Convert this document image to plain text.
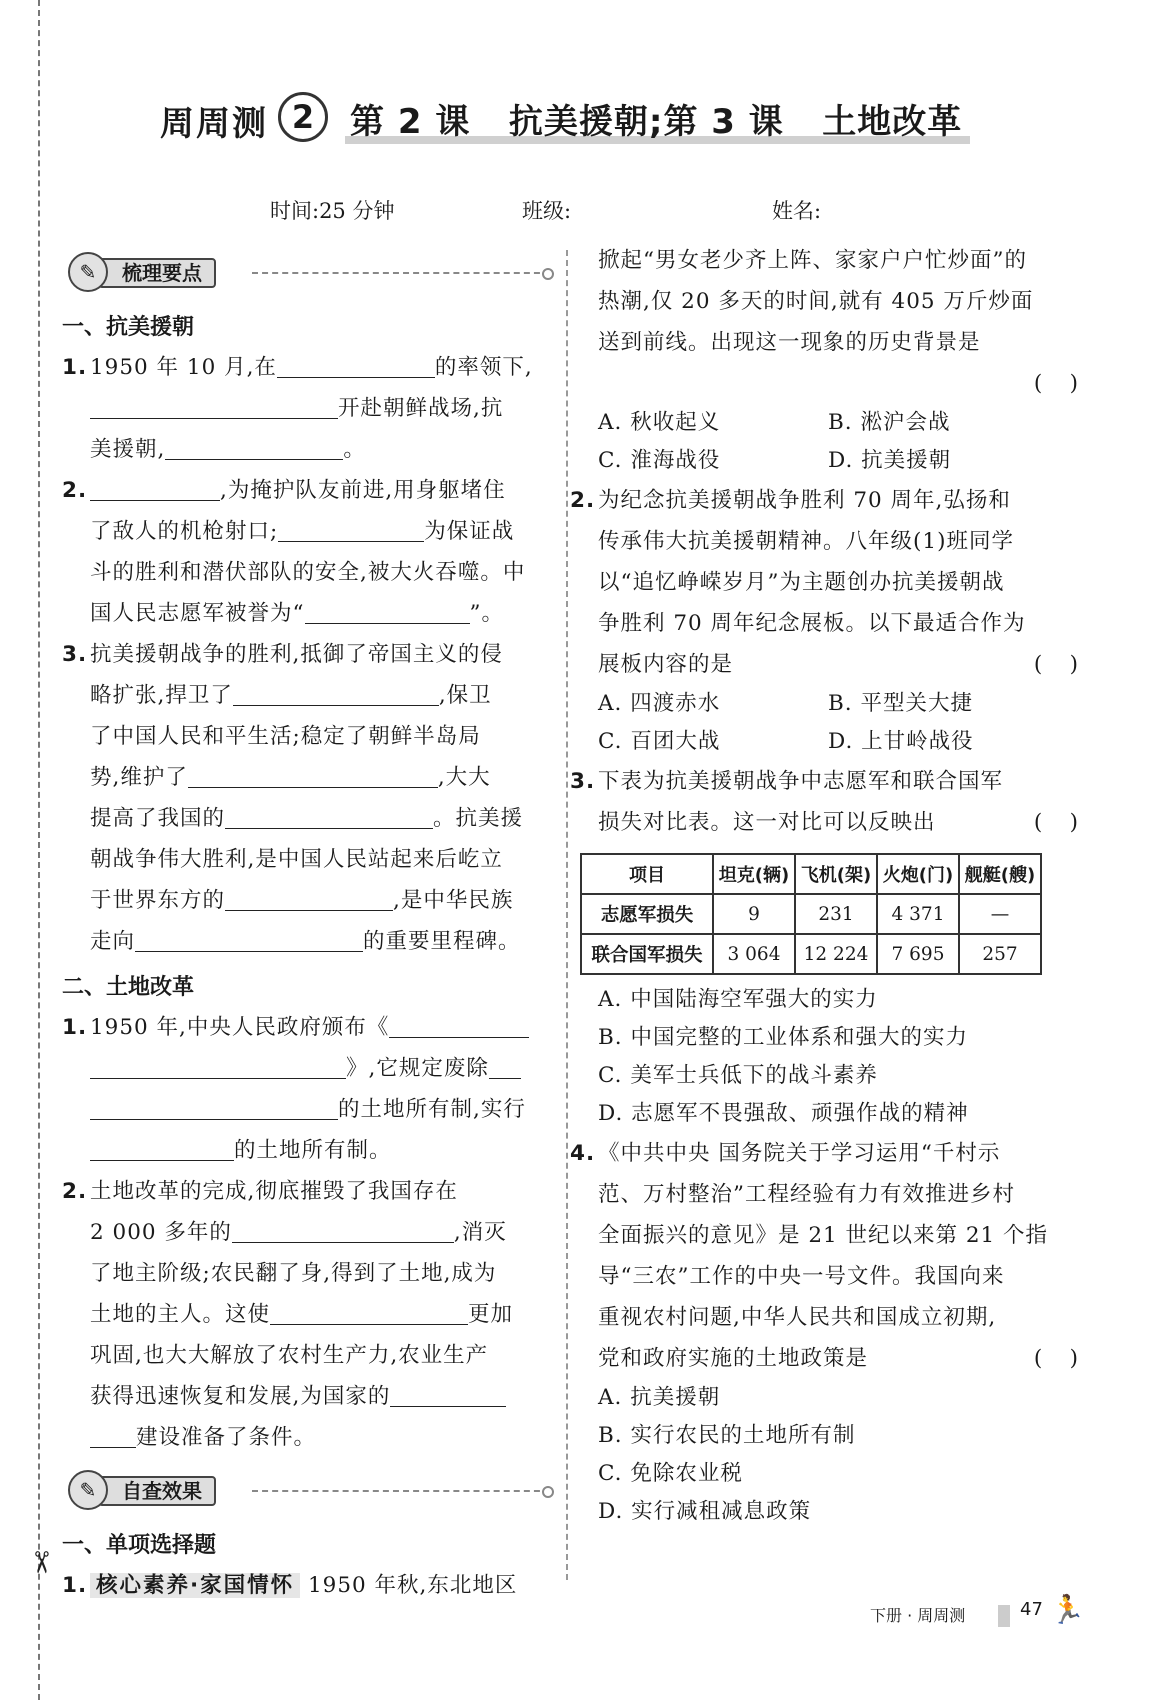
✂
周周测 2	第 2 课   抗美援朝;第 3 课   土地改革
时间:25 分钟	班级:	姓名:
梳理要点
✎
一、抗美援朝
1. 1950 年 10 月,在	的率领下,
开赴朝鲜战场,抗
美援朝,	。
2.	,为掩护队友前进,用身躯堵住
了敌人的机枪射口;	为保证战
斗的胜利和潜伏部队的安全,被大火吞噬。中
国人民志愿军被誉为“	”。
3. 抗美援朝战争的胜利,抵御了帝国主义的侵
略扩张,捍卫了	,保卫
了中国人民和平生活;稳定了朝鲜半岛局
势,维护了	,大大
提高了我国的	。抗美援
朝战争伟大胜利,是中国人民站起来后屹立
于世界东方的	,是中华民族
走向	的重要里程碑。
二、土地改革
1. 1950 年,中央人民政府颁布《
》,它规定废除
的土地所有制,实行
的土地所有制。
2. 土地改革的完成,彻底摧毁了我国存在
2 000 多年的	,消灭
了地主阶级;农民翻了身,得到了土地,成为
土地的主人。这使	更加
巩固,也大大解放了农村生产力,农业生产
获得迅速恢复和发展,为国家的
建设准备了条件。
自查效果
✎
一、单项选择题
1. 核心素养·家国情怀 1950 年秋,东北地区
掀起“男女老少齐上阵、家家户户忙炒面”的
热潮,仅 20 多天的时间,就有 405 万斤炒面
送到前线。出现这一现象的历史背景是

(    )

A. 秋收起义	B. 淞沪会战
C. 淮海战役	D. 抗美援朝
2. 为纪念抗美援朝战争胜利 70 周年,弘扬和
传承伟大抗美援朝精神。八年级(1)班同学
以“追忆峥嵘岁月”为主题创办抗美援朝战
争胜利 70 周年纪念展板。以下最适合作为
展板内容的是	(    )
A. 四渡赤水	B. 平型关大捷
C. 百团大战	D. 上甘岭战役
3. 下表为抗美援朝战争中志愿军和联合国军
损失对比表。这一对比可以反映出	(    )
项目	坦克(辆)	飞机(架)	火炮(门)	舰艇(艘)
志愿军损失	9	231	4 371	—
联合国军损失	3 064	12 224	7 695	257
A. 中国陆海空军强大的实力
B. 中国完整的工业体系和强大的实力
C. 美军士兵低下的战斗素养
D. 志愿军不畏强敌、顽强作战的精神
4. 《中共中央 国务院关于学习运用“千村示
范、万村整治”工程经验有力有效推进乡村
全面振兴的意见》是 21 世纪以来第 21 个指
导“三农”工作的中央一号文件。我国向来
重视农村问题,中华人民共和国成立初期,
党和政府实施的土地政策是	(    )
A. 抗美援朝
B. 实行农民的土地所有制
C. 免除农业税
D. 实行减租减息政策
下册 · 周周测	47 🏃
